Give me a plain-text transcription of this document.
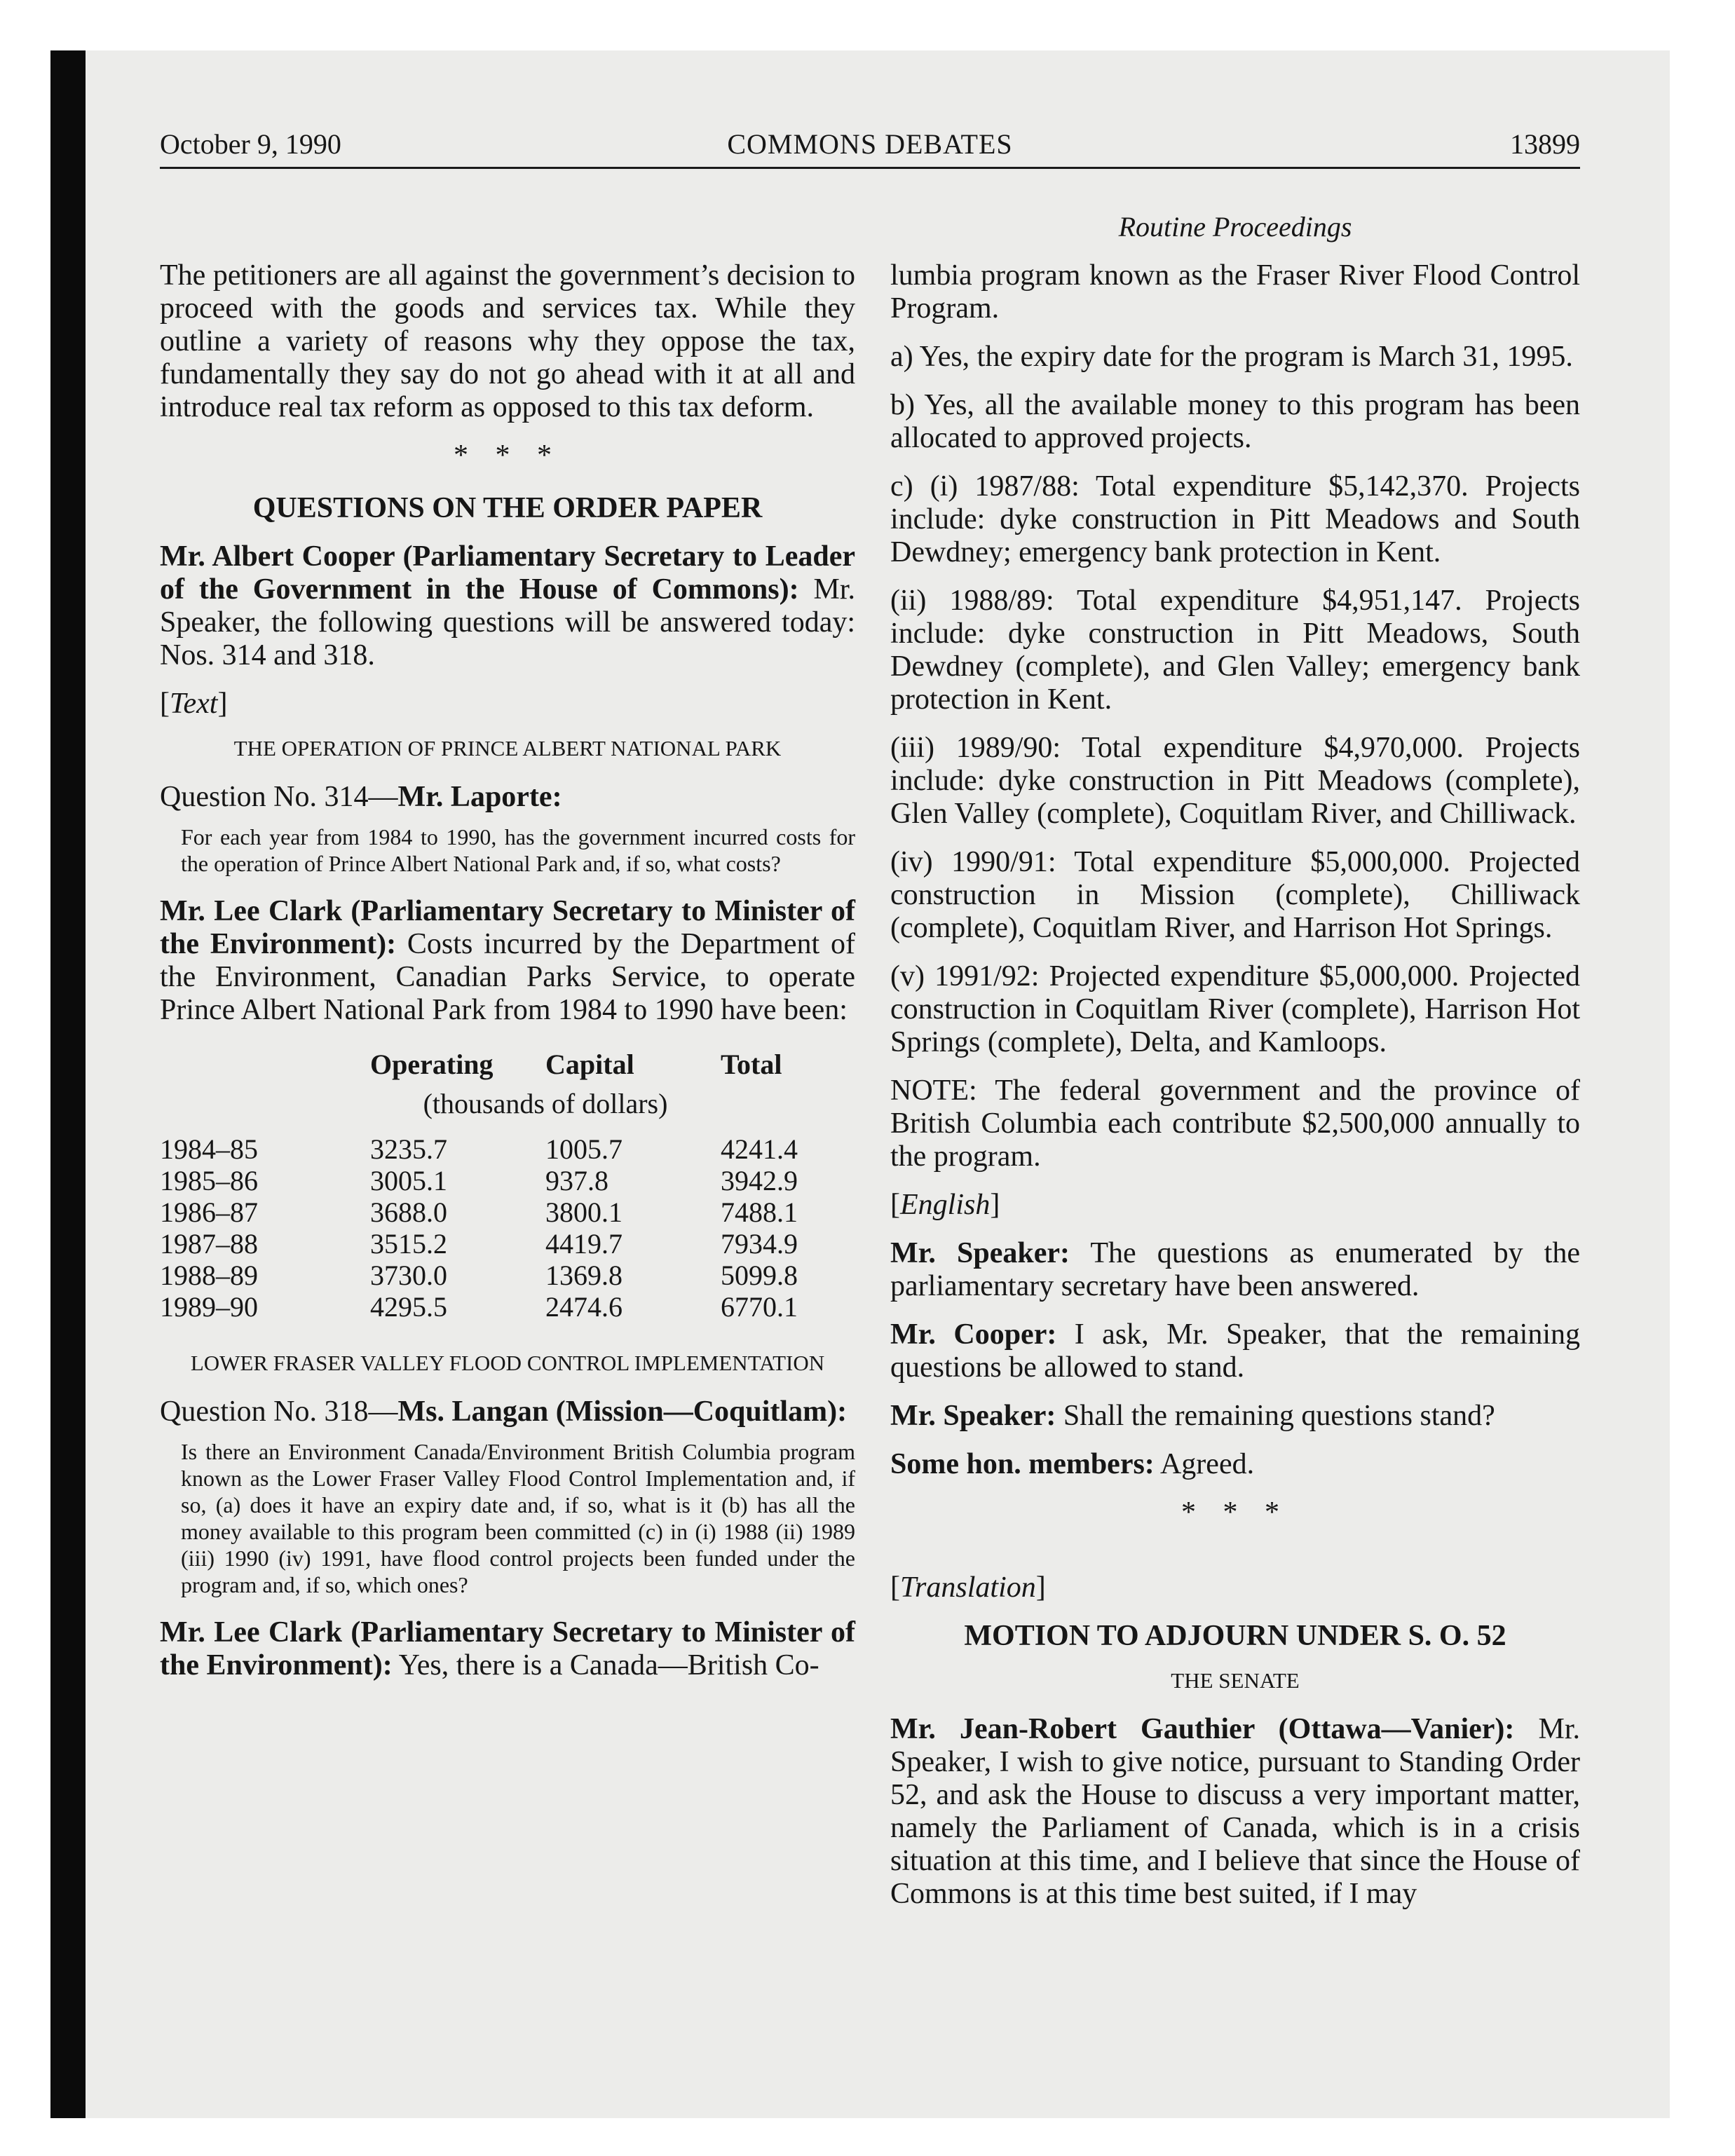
October 9, 1990	COMMONS DEBATES	13899
Routine Proceedings

The petitioners are all against the government’s decision to proceed with the goods and services tax. While they outline a variety of reasons why they oppose the tax, fundamentally they say do not go ahead with it at all and introduce real tax reform as opposed to this tax deform.

* * *
QUESTIONS ON THE ORDER PAPER

Mr. Albert Cooper (Parliamentary Secretary to Leader of the Government in the House of Commons): Mr. Speaker, the following questions will be answered today: Nos. 314 and 318.

[Text]
THE OPERATION OF PRINCE ALBERT NATIONAL PARK
Question No. 314—Mr. Laporte:
For each year from 1984 to 1990, has the government incurred costs for the operation of Prince Albert National Park and, if so, what costs?

Mr. Lee Clark (Parliamentary Secretary to Minister of the Environment): Costs incurred by the Department of the Environment, Canadian Parks Service, to operate Prince Albert National Park from 1984 to 1990 have been:

	Operating	Capital	Total
	(thousands of dollars)		
1984–85	3235.7	1005.7	4241.4
1985–86	3005.1	937.8	3942.9
1986–87	3688.0	3800.1	7488.1
1987–88	3515.2	4419.7	7934.9
1988–89	3730.0	1369.8	5099.8
1989–90	4295.5	2474.6	6770.1
LOWER FRASER VALLEY FLOOD CONTROL IMPLEMENTATION
Question No. 318—Ms. Langan (Mission—Coquitlam):
Is there an Environment Canada/Environment British Columbia program known as the Lower Fraser Valley Flood Control Implementation and, if so, (a) does it have an expiry date and, if so, what is it (b) has all the money available to this program been committed (c) in (i) 1988 (ii) 1989 (iii) 1990 (iv) 1991, have flood control projects been funded under the program and, if so, which ones?

Mr. Lee Clark (Parliamentary Secretary to Minister of the Environment): Yes, there is a Canada—British Co-

lumbia program known as the Fraser River Flood Control Program.

a) Yes, the expiry date for the program is March 31, 1995.

b) Yes, all the available money to this program has been allocated to approved projects.

c) (i) 1987/88: Total expenditure $5,142,370. Projects include: dyke construction in Pitt Meadows and South Dewdney; emergency bank protection in Kent.

(ii) 1988/89: Total expenditure $4,951,147. Projects include: dyke construction in Pitt Meadows, South Dewdney (complete), and Glen Valley; emergency bank protection in Kent.

(iii) 1989/90: Total expenditure $4,970,000. Projects include: dyke construction in Pitt Meadows (complete), Glen Valley (complete), Coquitlam River, and Chilliwack.

(iv) 1990/91: Total expenditure $5,000,000. Projected construction in Mission (complete), Chilliwack (complete), Coquitlam River, and Harrison Hot Springs.

(v) 1991/92: Projected expenditure $5,000,000. Projected construction in Coquitlam River (complete), Harrison Hot Springs (complete), Delta, and Kamloops.

NOTE: The federal government and the province of British Columbia each contribute $2,500,000 annually to the program.

[English]

Mr. Speaker: The questions as enumerated by the parliamentary secretary have been answered.

Mr. Cooper: I ask, Mr. Speaker, that the remaining questions be allowed to stand.

Mr. Speaker: Shall the remaining questions stand?

Some hon. members: Agreed.

* * *
[Translation]
MOTION TO ADJOURN UNDER S. O. 52
THE SENATE

Mr. Jean-Robert Gauthier (Ottawa—Vanier): Mr. Speaker, I wish to give notice, pursuant to Standing Order 52, and ask the House to discuss a very important matter, namely the Parliament of Canada, which is in a crisis situation at this time, and I believe that since the House of Commons is at this time best suited, if I may
